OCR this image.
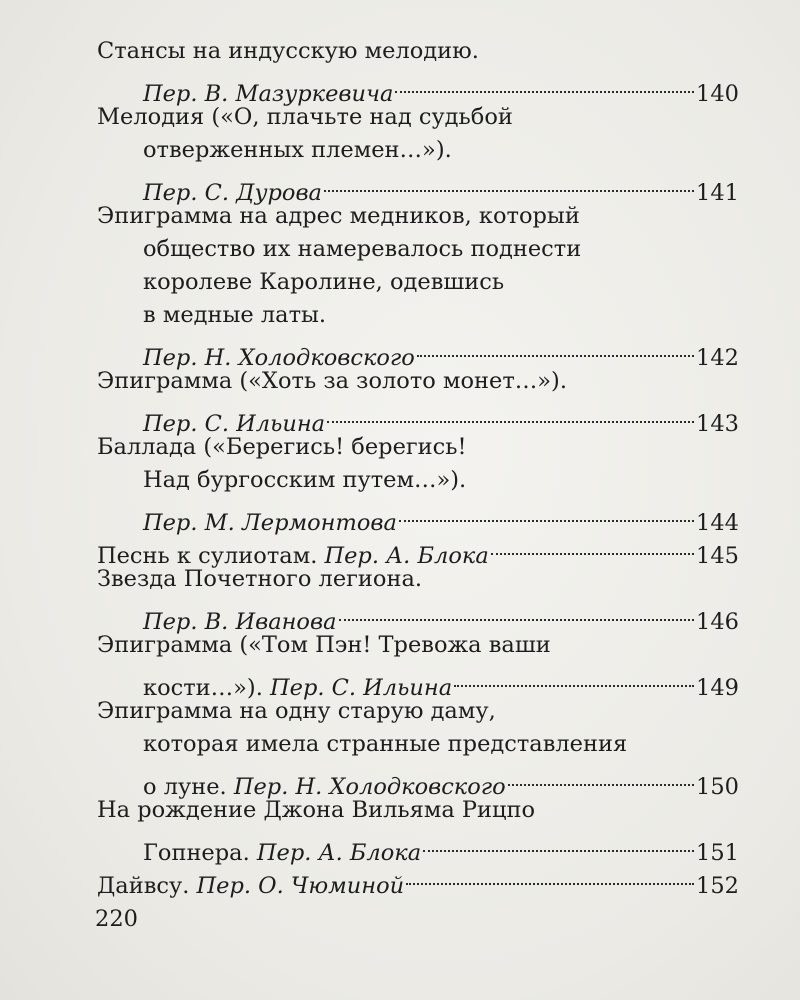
Стансы на индусскую мелодию.
Пер. В. Мазуркевича	140
Мелодия («О, плачьте над судьбой
отверженных племен…»).
Пер. С. Дурова	141
Эпиграмма на адрес медников, который
общество их намеревалось поднести
королеве Каролине, одевшись
в медные латы.
Пер. Н. Холодковского	142
Эпиграмма («Хоть за золото монет…»).
Пер. С. Ильина	143
Баллада («Берегись! берегись!
Над бургосским путем…»).
Пер. М. Лермонтова	144
Песнь к сулиотам.
Пер. А. Блока	145
Звезда Почетного легиона.
Пер. В. Иванова	146
Эпиграмма («Том Пэн! Тревожа ваши
кости…»).
Пер. С. Ильина	149
Эпиграмма на одну старую даму,
которая имела странные представления
о луне.
Пер. Н. Холодковского	150
На рождение Джона Вильяма Рицпо
Гопнера.
Пер. А. Блока	151
Дайвсу.
Пер. О. Чюминой	152
220
